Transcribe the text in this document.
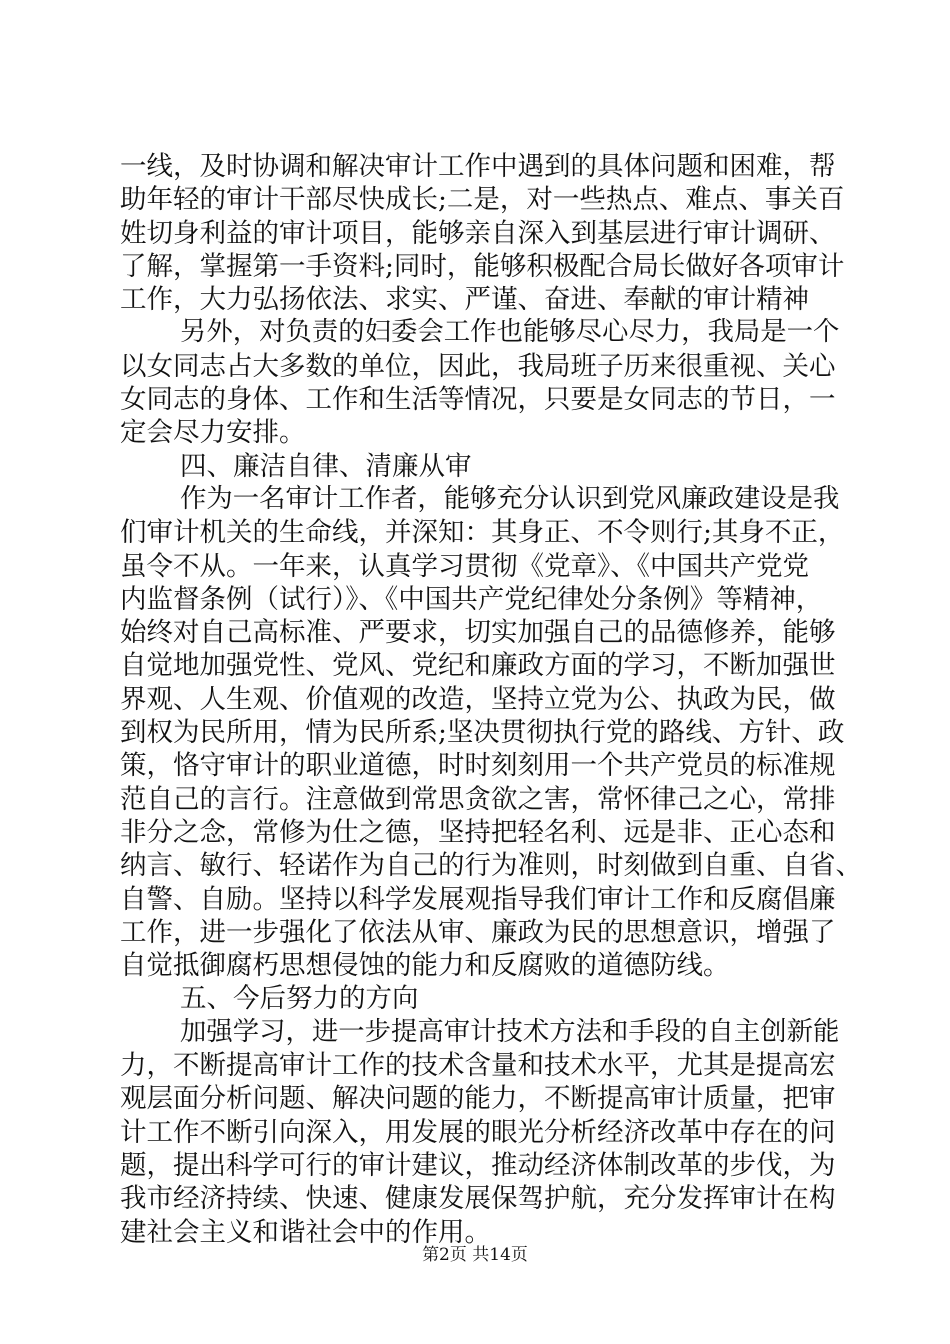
一线，及时协调和解决审计工作中遇到的具体问题和困难，帮
助年轻的审计干部尽快成长;二是，对一些热点、难点、事关百
姓切身利益的审计项目，能够亲自深入到基层进行审计调研、
了解，掌握第一手资料;同时，能够积极配合局长做好各项审计
工作，大力弘扬依法、求实、严谨、奋进、奉献的审计精神
另外，对负责的妇委会工作也能够尽心尽力，我局是一个
以女同志占大多数的单位，因此，我局班子历来很重视、关心
女同志的身体、工作和生活等情况，只要是女同志的节日，一
定会尽力安排。
四、廉洁自律、清廉从审
作为一名审计工作者，能够充分认识到党风廉政建设是我
们审计机关的生命线，并深知：其身正、不令则行;其身不正，
虽令不从。一年来，认真学习贯彻《党章》、《中国共产党党
内监督条例（试行）》、《中国共产党纪律处分条例》等精神，
始终对自己高标准、严要求，切实加强自己的品德修养，能够
自觉地加强党性、党风、党纪和廉政方面的学习，不断加强世
界观、人生观、价值观的改造，坚持立党为公、执政为民，做
到权为民所用，情为民所系;坚决贯彻执行党的路线、方针、政
策，恪守审计的职业道德，时时刻刻用一个共产党员的标准规
范自己的言行。注意做到常思贪欲之害，常怀律己之心，常排
非分之念，常修为仕之德，坚持把轻名利、远是非、正心态和
纳言、敏行、轻诺作为自己的行为准则，时刻做到自重、自省、
自警、自励。坚持以科学发展观指导我们审计工作和反腐倡廉
工作，进一步强化了依法从审、廉政为民的思想意识，增强了
自觉抵御腐朽思想侵蚀的能力和反腐败的道德防线。
五、今后努力的方向
加强学习，进一步提高审计技术方法和手段的自主创新能
力，不断提高审计工作的技术含量和技术水平，尤其是提高宏
观层面分析问题、解决问题的能力，不断提高审计质量，把审
计工作不断引向深入，用发展的眼光分析经济改革中存在的问
题，提出科学可行的审计建议，推动经济体制改革的步伐，为
我市经济持续、快速、健康发展保驾护航，充分发挥审计在构
建社会主义和谐社会中的作用。
第2页 共14页
